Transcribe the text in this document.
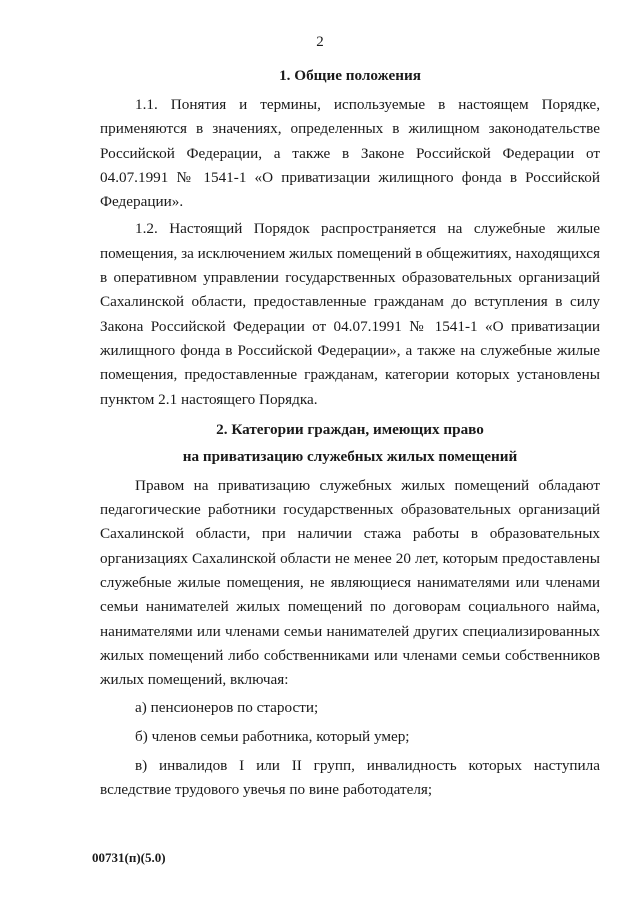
2

1. Общие положения

1.1. Понятия и термины, используемые в настоящем Порядке, применяются в значениях, определенных в жилищном законодательстве Российской Федерации, а также в Законе Российской Федерации от 04.07.1991 № 1541-1 «О приватизации жилищного фонда в Российской Федерации».

1.2. Настоящий Порядок распространяется на служебные жилые помещения, за исключением жилых помещений в общежитиях, находящихся в оперативном управлении государственных образовательных организаций Сахалинской области, предоставленные гражданам до вступления в силу Закона Российской Федерации от 04.07.1991 № 1541-1 «О приватизации жилищного фонда в Российской Федерации», а также на служебные жилые помещения, предоставленные гражданам, категории которых установлены пунктом 2.1 настоящего Порядка.

2. Категории граждан, имеющих право

на приватизацию служебных жилых помещений

Правом на приватизацию служебных жилых помещений обладают педагогические работники государственных образовательных организаций Сахалинской области, при наличии стажа работы в образовательных организациях Сахалинской области не менее 20 лет, которым предоставлены служебные жилые помещения, не являющиеся нанимателями или членами семьи нанимателей жилых помещений по договорам социального найма, нанимателями или членами семьи нанимателей других специализированных жилых помещений либо собственниками или членами семьи собственников жилых помещений, включая:

а) пенсионеров по старости;

б) членов семьи работника, который умер;

в) инвалидов I или II групп, инвалидность которых наступила вследствие трудового увечья по вине работодателя;

00731(п)(5.0)
